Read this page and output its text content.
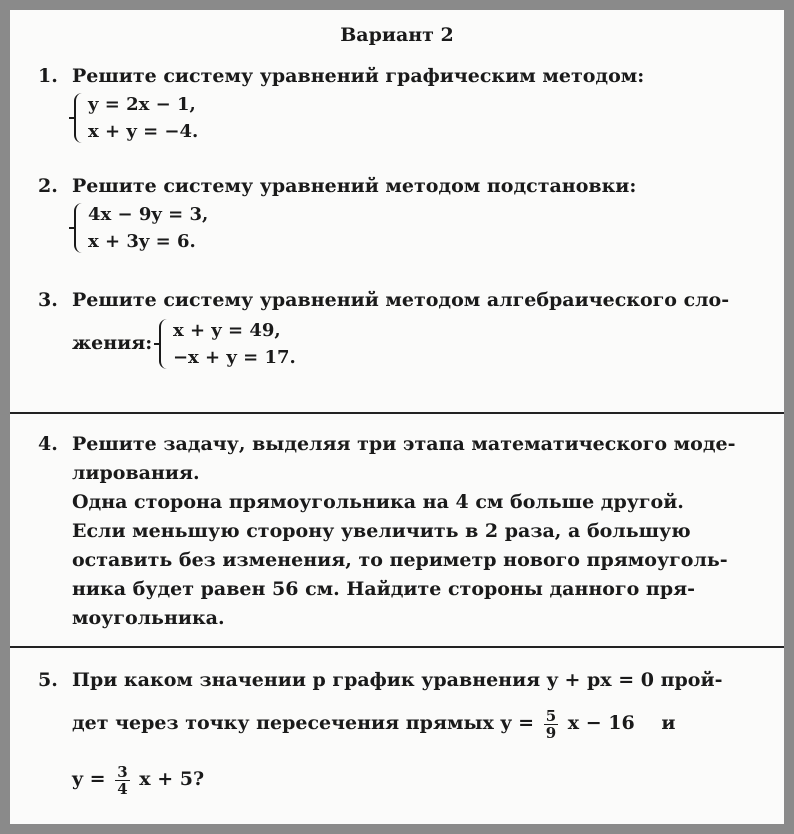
Вариант 2
1. Решите систему уравнений графическим методом:
y = 2x − 1,
x + y = −4.
2. Решите систему уравнений методом подстановки:
4x − 9y = 3,
x + 3y = 6.
3. Решите систему уравнений методом алгебраического сло-
жения:
x + y = 49,
−x + y = 17.
4. Решите задачу, выделяя три этапа математического моде-
лирования.
Одна сторона прямоугольника на 4 см больше другой.
Если меньшую сторону увеличить в 2 раза, а большую
оставить без изменения, то периметр нового прямоуголь-
ника будет равен 56 см. Найдите стороны данного пря-
моугольника.
5. При каком значении p график уравнения y + px = 0 прой-
дет через точку пересечения прямых $y = \frac{5}{9}$ x − 16 и
$y = \frac{3}{4}$ x + 5?
